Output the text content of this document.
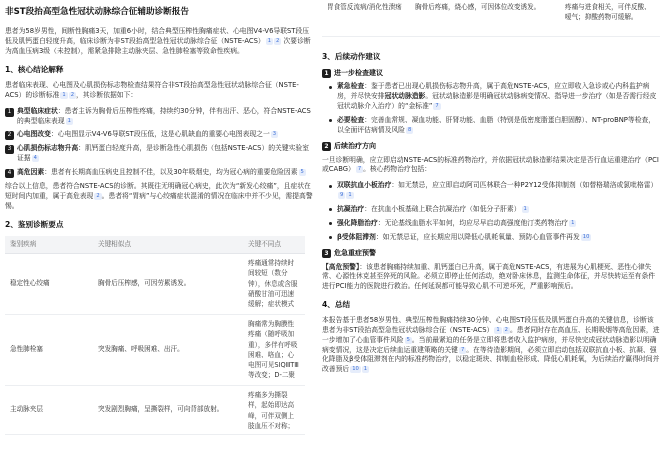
非ST段抬高型急性冠状动脉综合征辅助诊断报告

患者为58岁男性，间断性胸痛3天，加重6小时，结合典型压榨性胸痛症状、心电图V4-V6导联ST段压低及肌钙蛋白轻度升高，临床诊断为非ST段抬高型急性冠状动脉综合征（NSTE-ACS） 1 2 次要诊断为高血压病3级（未控制），需紧急排除主动脉夹层、急性肺栓塞等致命性疾病。

1、核心结论解释

患者临床表现、心电图及心肌损伤标志物检查结果符合非ST段抬高型急性冠状动脉综合征（NSTE-ACS）的诊断标准 1 2 ，其诊断依据如下：

1 典型临床症状：患者主诉为胸骨后压榨性疼痛，持续约30分钟，伴有出汗、恶心，符合NSTE-ACS的典型临床表现 1
2 心电图改变：心电图显示V4-V6导联ST段压低，这是心肌缺血的重要心电图表现之一 3
3 心肌损伤标志物升高：肌钙蛋白轻度升高，是诊断急性心肌损伤（包括NSTE-ACS）的关键实验室证据 4
4 高危因素：患者有长期高血压病史且控制不佳，以及30年吸烟史，均为冠心病的重要危险因素 5

综合以上信息，患者符合NSTE-ACS的诊断。其既往无明确冠心病史，此次为“新发心绞痛”，且症状在短时间内加重，属于高危表现 2 。患者将“胃病”与心绞痛症状混淆的情况在临床中并不少见，需提高警惕。

2、鉴别诊断要点
鉴别疾病	关键相似点	关键不同点
稳定性心绞痛	胸骨后压榨感，可因劳累诱发。	疼痛通常持续时间较短（数分钟），休息或含服硝酸甘油可迅速缓解；症状模式

急性肺栓塞	突发胸痛、呼吸困难、出汗。	胸痛常为胸膜性疼痛（随呼吸加重），多伴有呼吸困难、咯血；心电图可见SⅠQⅢTⅢ等改变；D-二聚

主动脉夹层	突发剧烈胸痛，呈撕裂样，可向背部放射。	疼痛多为撕裂样，起始即达高峰，可伴双侧上肢血压不对称；
胃食管反流病/消化性溃疡	胸骨后疼痛，烧心感，可因体位改变诱发。	疼痛与进食相关，可伴反酸、嗳气；抑酸药物可缓解。
3、后续动作建议
1 进一步检查建议
紧急检查：鉴于患者已出现心肌损伤标志物升高，属于高危NSTE-ACS，应立即收入急诊或心内科监护病房，并尽快安排冠状动脉造影。冠状动脉造影是明确冠状动脉病变情况、指导进一步治疗（如是否需行经皮冠状动脉介入治疗）的“金标准” 7
必要检查：完善血常规、凝血功能、肝肾功能、血脂（特别是低密度脂蛋白胆固醇）、NT-proBNP等检查，以全面评估病情及风险 8
2 后续治疗方向

一旦诊断明确，应立即启动NSTE-ACS的标准药物治疗，并依据冠状动脉造影结果决定是否行血运重建治疗（PCI或CABG） 7 。核心药物治疗包括：

双联抗血小板治疗：如无禁忌，应立即启动阿司匹林联合一种P2Y12受体抑制剂（如替格瑞洛或氯吡格雷）9 1
抗凝治疗：在抗血小板基础上联合抗凝治疗（如低分子肝素） 1
强化降脂治疗：无论基线血脂水平如何，均应尽早启动高强度他汀类药物治疗 1
β受体阻滞剂：如无禁忌证，应长期应用以降低心肌耗氧量、预防心血管事件再发 10
3 危急重症预警

【高危预警】：该患者胸痛持续加重、肌钙蛋白已升高，属于高危NSTE-ACS，有进展为心肌梗死、恶性心律失常、心源性休克甚至猝死的风险。必须立即停止任何活动，绝对卧床休息，监测生命体征，并尽快转运至有条件进行PCI能力的医院进行救治。任何延误都可能导致心肌不可逆坏死，严重影响预后。

4、总结

本报告基于患者58岁男性、典型压榨性胸痛持续30分钟、心电图ST段压低及肌钙蛋白升高的关键信息，诊断该患者为非ST段抬高型急性冠状动脉综合征（NSTE-ACS） 1 2 。患者同时存在高血压、长期吸烟等高危因素，进一步增加了心血管事件风险 5 。当前最紧迫的任务是立即将患者收入监护病房，并尽快完成冠状动脉造影以明确病变情况，这是决定后续血运重建策略的关键 7 。在等待造影期间，必须立即启动包括双联抗血小板、抗凝、强化降脂及β受体阻滞剂在内的标准药物治疗，以稳定斑块、抑制血栓形成、降低心肌耗氧，为后续治疗赢得时间并改善预后 10 1
